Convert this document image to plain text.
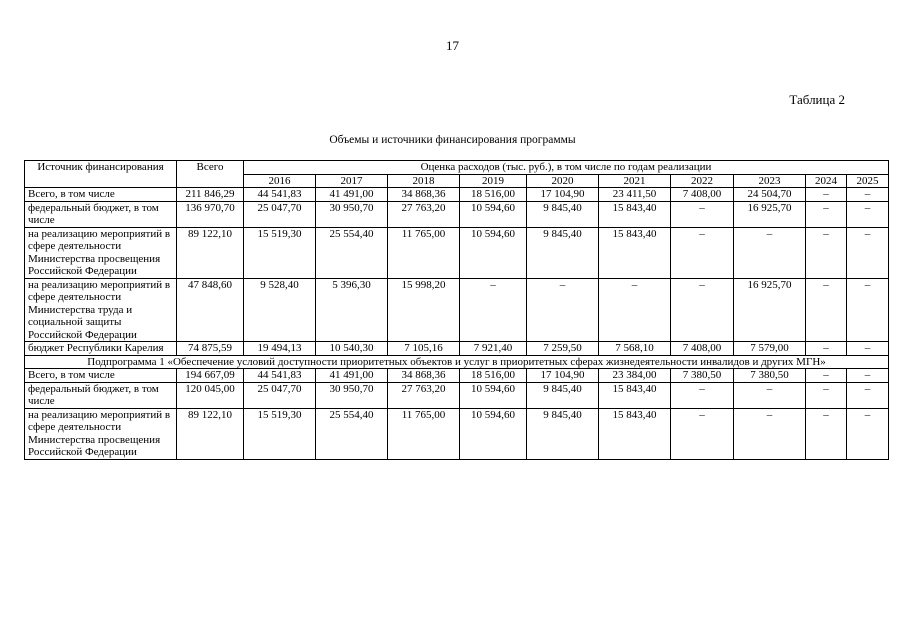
17
Таблица 2
Объемы и источники финансирования программы
Источник финансирования	Всего	Оценка расходов (тыс. руб.), в том числе по годам реализации									
		2016	2017	2018	2019	2020	2021	2022	2023	2024	2025
Всего, в том числе	211 846,29	44 541,83	41 491,00	34 868,36	18 516,00	17 104,90	23 411,50	7 408,00	24 504,70	–	–
федеральный бюджет, в том числе	136 970,70	25 047,70	30 950,70	27 763,20	10 594,60	9 845,40	15 843,40	–	16 925,70	–	–
на реализацию мероприятий в сфере деятельности Министерства просвещения Российской Федерации	89 122,10	15 519,30	25 554,40	11 765,00	10 594,60	9 845,40	15 843,40	–	–	–	–
на реализацию мероприятий в сфере деятельности Министерства труда и социальной защиты Российской Федерации	47 848,60	9 528,40	5 396,30	15 998,20	–	–	–	–	16 925,70	–	–
бюджет Республики Карелия	74 875,59	19 494,13	10 540,30	7 105,16	7 921,40	7 259,50	7 568,10	7 408,00	7 579,00	–	–
Подпрограмма 1 «Обеспечение условий доступности приоритетных объектов и услуг в приоритетных сферах жизнедеятельности инвалидов и других МГН»											
Всего, в том числе	194 667,09	44 541,83	41 491,00	34 868,36	18 516,00	17 104,90	23 384,00	7 380,50	7 380,50	–	–
федеральный бюджет, в том числе	120 045,00	25 047,70	30 950,70	27 763,20	10 594,60	9 845,40	15 843,40	–	–	–	–
на реализацию мероприятий в сфере деятельности Министерства просвещения Российской Федерации	89 122,10	15 519,30	25 554,40	11 765,00	10 594,60	9 845,40	15 843,40	–	–	–	–
